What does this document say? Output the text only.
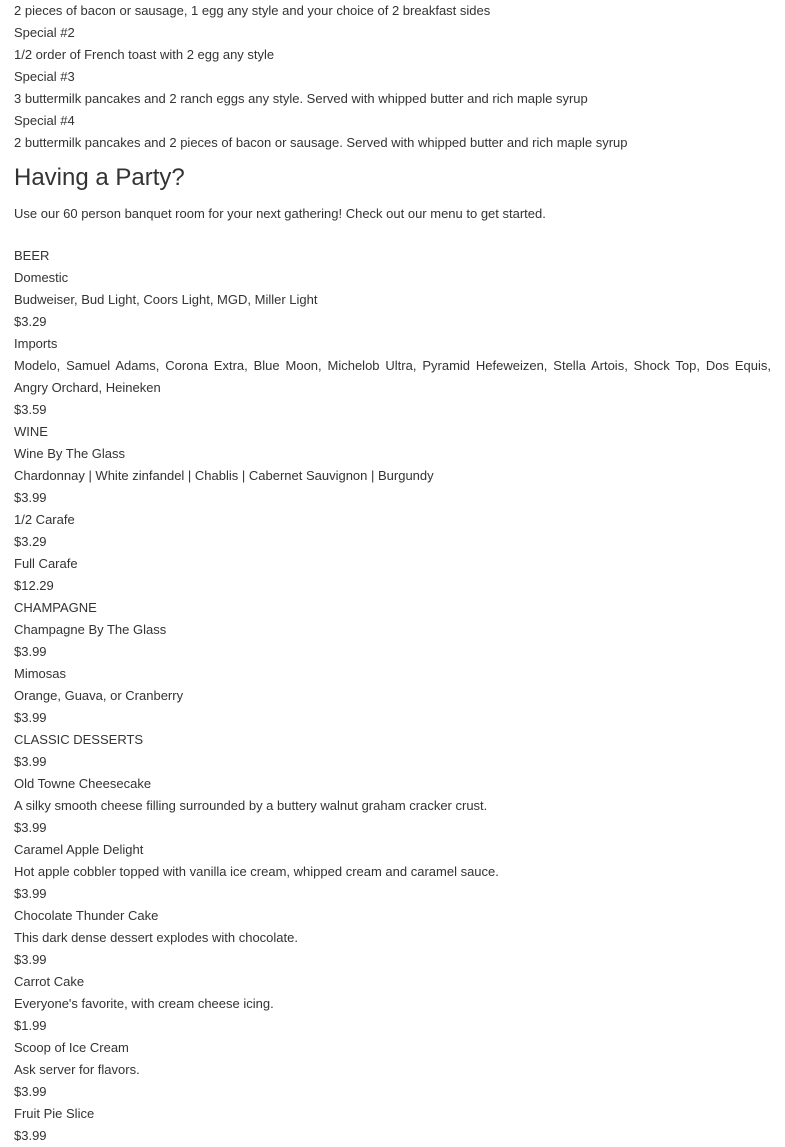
2 pieces of bacon or sausage, 1 egg any style and your choice of 2 breakfast sides
Special #2
1/2 order of French toast with 2 egg any style
Special #3
3 buttermilk pancakes and 2 ranch eggs any style. Served with whipped butter and rich maple syrup
Special #4
2 buttermilk pancakes and 2 pieces of bacon or sausage. Served with whipped butter and rich maple syrup
Having a Party?
Use our 60 person banquet room for your next gathering! Check out our menu to get started.
BEER
Domestic
Budweiser, Bud Light, Coors Light, MGD, Miller Light
$3.29
Imports
Modelo, Samuel Adams, Corona Extra, Blue Moon, Michelob Ultra, Pyramid Hefeweizen, Stella Artois, Shock Top, Dos Equis, Angry Orchard, Heineken
$3.59
WINE
Wine By The Glass
Chardonnay | White zinfandel | Chablis | Cabernet Sauvignon | Burgundy
$3.99
1/2 Carafe
$3.29
Full Carafe
$12.29
CHAMPAGNE
Champagne By The Glass
$3.99
Mimosas
Orange, Guava, or Cranberry
$3.99
CLASSIC DESSERTS
$3.99
Old Towne Cheesecake
A silky smooth cheese filling surrounded by a buttery walnut graham cracker crust.
$3.99
Caramel Apple Delight
Hot apple cobbler topped with vanilla ice cream, whipped cream and caramel sauce.
$3.99
Chocolate Thunder Cake
This dark dense dessert explodes with chocolate.
$3.99
Carrot Cake
Everyone's favorite, with cream cheese icing.
$1.99
Scoop of Ice Cream
Ask server for flavors.
$3.99
Fruit Pie Slice
$3.99
